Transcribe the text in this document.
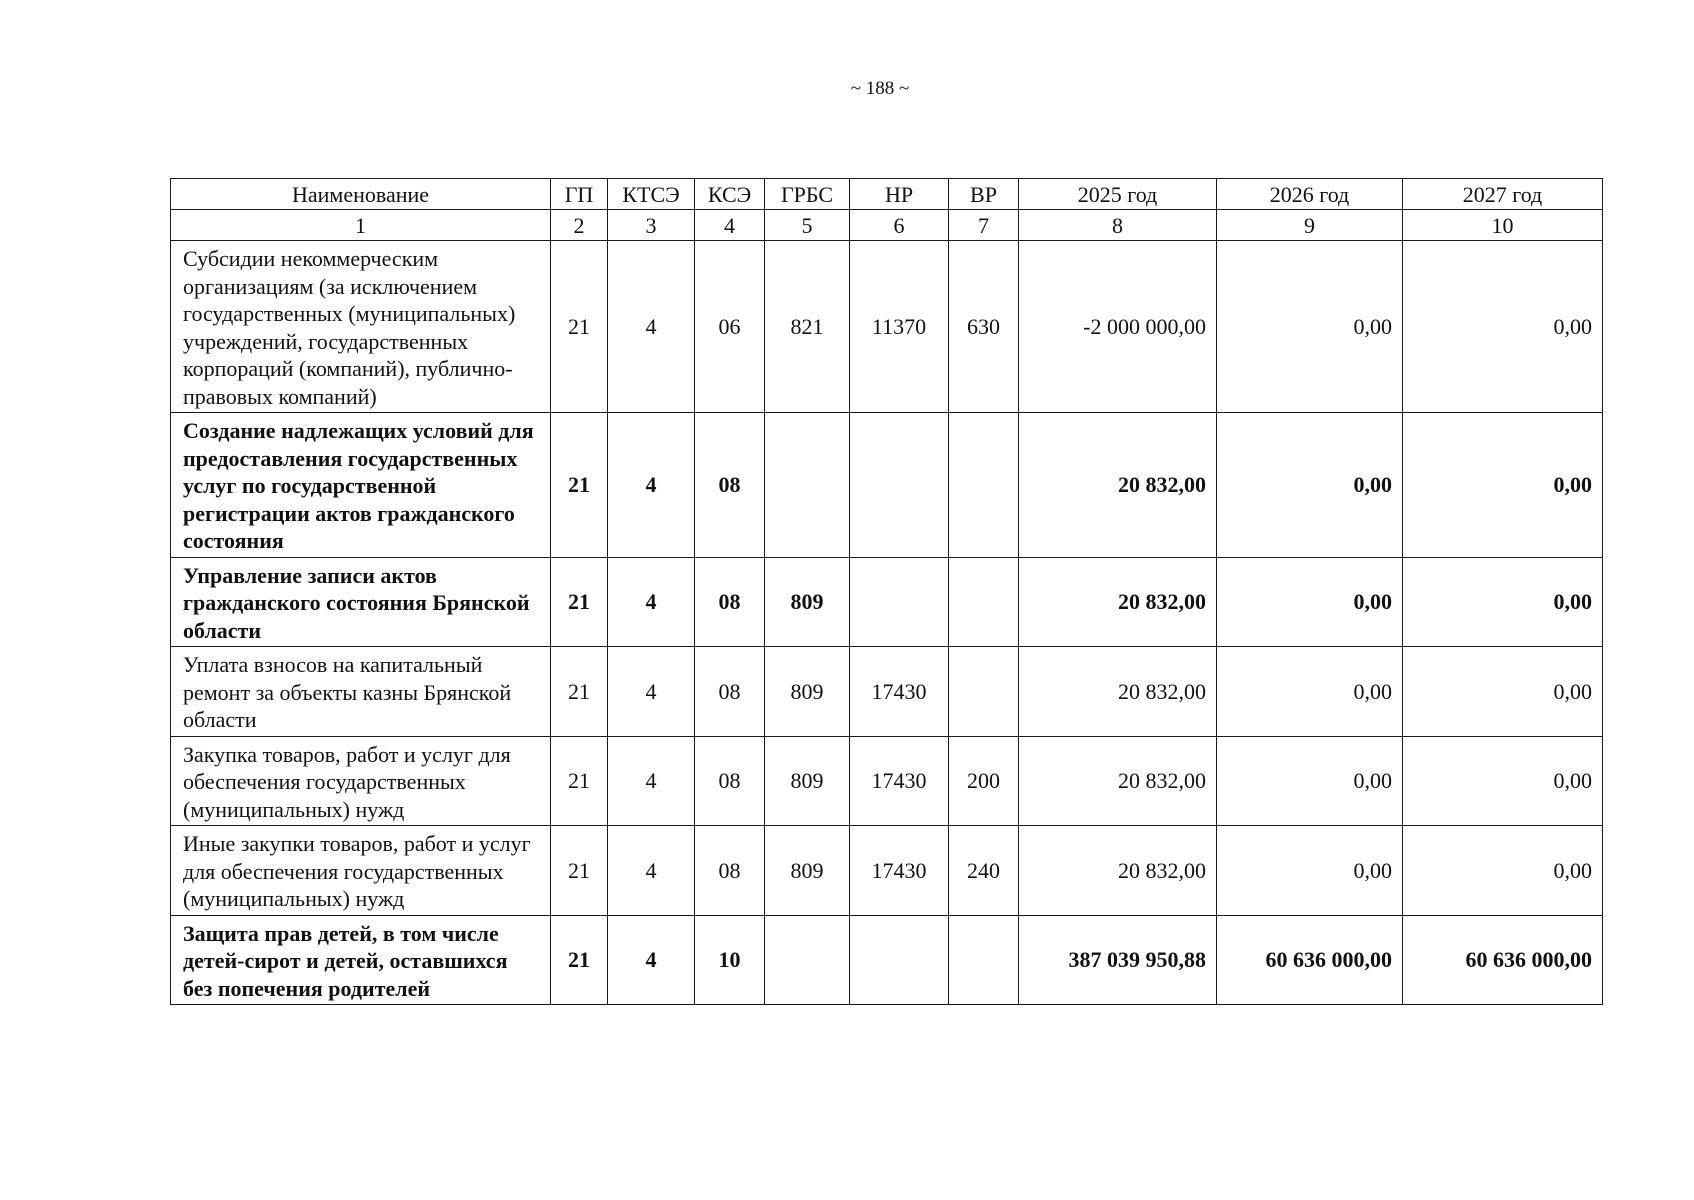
~ 188 ~
Наименование	ГП	КТСЭ	КСЭ	ГРБС	НР	ВР	2025 год	2026 год	2027 год
1	2	3	4	5	6	7	8	9	10
Субсидии некоммерческим организациям (за исключением государственных (муниципальных) учреждений, государственных корпораций (компаний), публично-правовых компаний)	21	4	06	821	11370	630	-2 000 000,00	0,00	0,00
Создание надлежащих условий для предоставления государственных услуг по государственной регистрации актов гражданского состояния	21	4	08				20 832,00	0,00	0,00
Управление записи актов гражданского состояния Брянской области	21	4	08	809			20 832,00	0,00	0,00
Уплата взносов на капитальный ремонт за объекты казны Брянской области	21	4	08	809	17430		20 832,00	0,00	0,00
Закупка товаров, работ и услуг для обеспечения государственных (муниципальных) нужд	21	4	08	809	17430	200	20 832,00	0,00	0,00
Иные закупки товаров, работ и услуг для обеспечения государственных (муниципальных) нужд	21	4	08	809	17430	240	20 832,00	0,00	0,00
Защита прав детей, в том числе детей-сирот и детей, оставшихся без попечения родителей	21	4	10				387 039 950,88	60 636 000,00	60 636 000,00
